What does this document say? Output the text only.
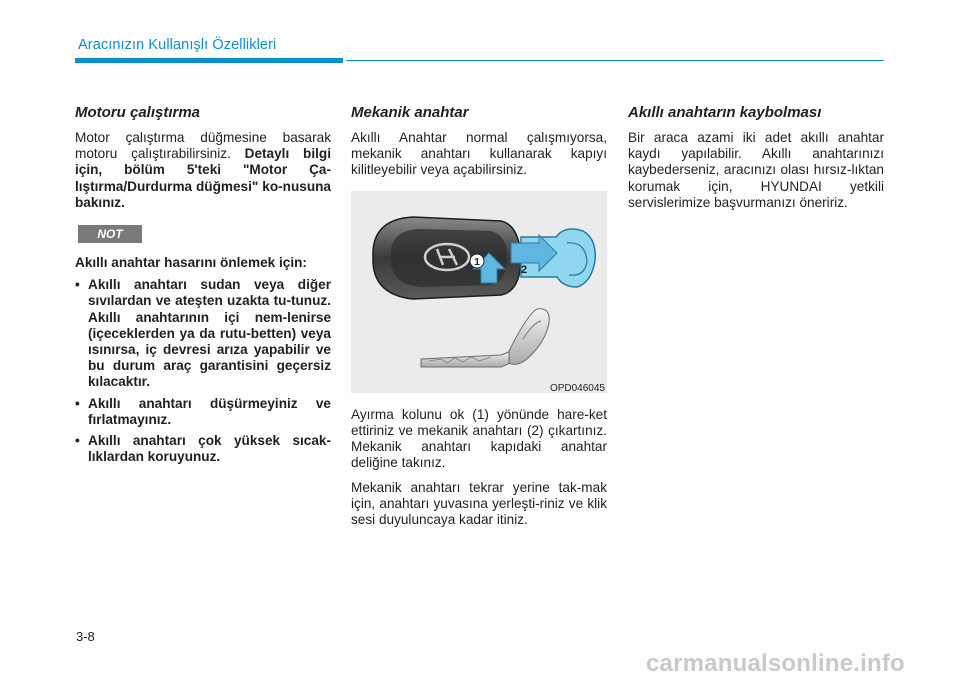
Aracınızın Kullanışlı Özellikleri
Motoru çalıştırma

Motor çalıştırma düğmesine basarak motoru çalıştırabilirsiniz. Detaylı bilgi için, bölüm 5'teki "Motor Ça-lıştırma/Durdurma düğmesi" ko-nusuna bakınız.

NOT

Akıllı anahtar hasarını önlemek için:

• Akıllı anahtarı sudan veya diğer sıvılardan ve ateşten uzakta tu-tunuz. Akıllı anahtarının içi nem-lenirse (içeceklerden ya da rutu-betten) veya ısınırsa, iç devresi arıza yapabilir ve bu durum araç garantisini geçersiz kılacaktır.
• Akıllı anahtarı düşürmeyiniz ve fırlatmayınız.
• Akıllı anahtarı çok yüksek sıcak-lıklardan koruyunuz.
Mekanik anahtar

Akıllı Anahtar normal çalışmıyorsa, mekanik anahtarı kullanarak kapıyı kilitleyebilir veya açabilirsiniz.

1
2
OPD046045

Ayırma kolunu ok (1) yönünde hare-ket ettiriniz ve mekanik anahtarı (2) çıkartınız. Mekanik anahtarı kapıdaki anahtar deliğine takınız.

Mekanik anahtarı tekrar yerine tak-mak için, anahtarı yuvasına yerleşti-riniz ve klik sesi duyuluncaya kadar itiniz.

Akıllı anahtarın kaybolması

Bir araca azami iki adet akıllı anahtar kaydı yapılabilir. Akıllı anahtarınızı kaybederseniz, aracınızı olası hırsız-lıktan korumak için, HYUNDAI yetkili servislerimize başvurmanızı öneririz.

3-8
carmanualsonline.info
